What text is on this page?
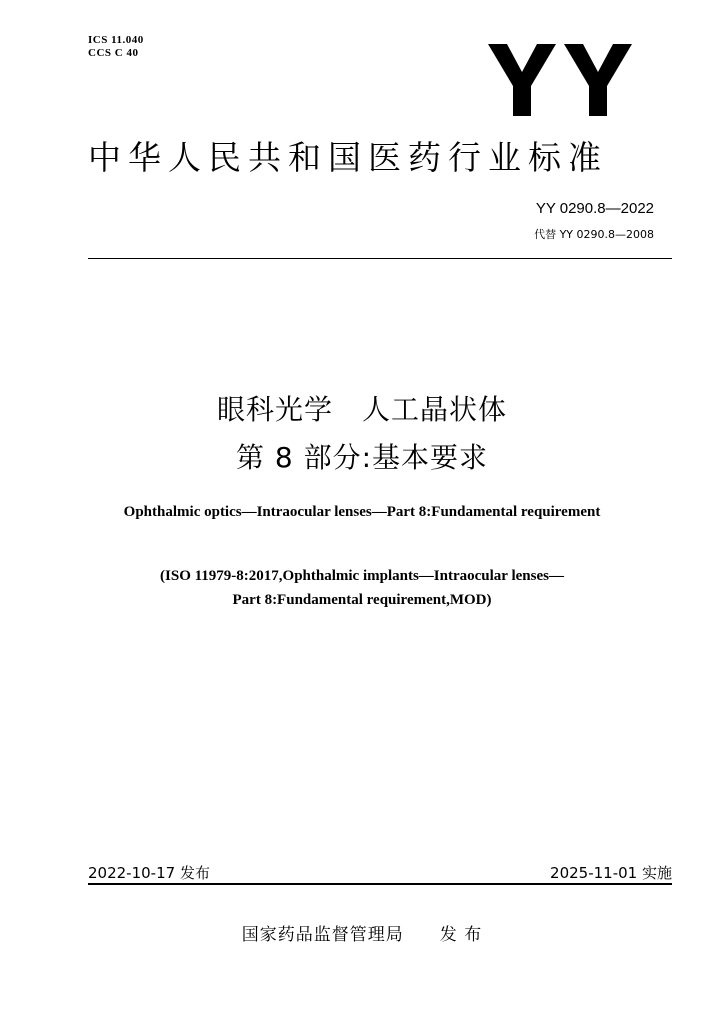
ICS 11.040
CCS C 40
中华人民共和国医药行业标准
YY 0290.8—2022
代替 YY 0290.8—2008
眼科光学　人工晶状体
第 8 部分:基本要求
Ophthalmic optics—Intraocular lenses—Part 8:Fundamental requirement
(ISO 11979-8:2017,Ophthalmic implants—Intraocular lenses—
Part 8:Fundamental requirement,MOD)
2022-10-17 发布	2025-11-01 实施
国家药品监督管理局　　发 布
